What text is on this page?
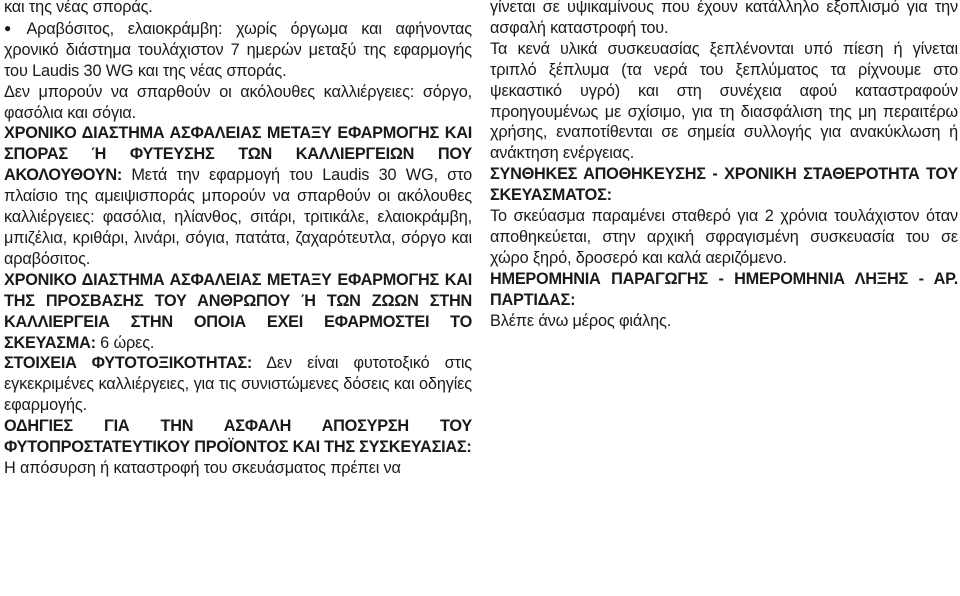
και της νέας σποράς.

● Αραβόσιτος, ελαιοκράμβη: χωρίς όργωμα και αφήνοντας χρονικό διάστημα τουλάχιστον 7 ημερών μεταξύ της εφαρμογής του Laudis 30 WG και της νέας σποράς.

Δεν μπορούν να σπαρθούν οι ακόλουθες καλλιέργειες: σόργο, φασόλια και σόγια.

ΧΡΟΝΙΚΟ ΔΙΑΣΤΗΜΑ ΑΣΦΑΛΕΙΑΣ ΜΕΤΑΞΥ ΕΦΑΡΜΟΓΗΣ ΚΑΙ ΣΠΟΡΑΣ Ή ΦΥΤΕΥΣΗΣ ΤΩΝ ΚΑΛΛΙΕΡΓΕΙΩΝ ΠΟΥ ΑΚΟΛΟΥΘΟΥΝ: Μετά την εφαρμογή του Laudis 30 WG, στο πλαίσιο της αμειψισποράς μπορούν να σπαρθούν οι ακόλουθες καλλιέργειες: φασόλια, ηλίανθος, σιτάρι, τριτικάλε, ελαιοκράμβη, μπιζέλια, κριθάρι, λινάρι, σόγια, πατάτα, ζαχαρότευτλα, σόργο και αραβόσιτος.

ΧΡΟΝΙΚΟ ΔΙΑΣΤΗΜΑ ΑΣΦΑΛΕΙΑΣ ΜΕΤΑΞΥ ΕΦΑΡΜΟΓΗΣ ΚΑΙ ΤΗΣ ΠΡΟΣΒΑΣΗΣ ΤΟΥ ΑΝΘΡΩΠΟΥ Ή ΤΩΝ ΖΩΩΝ ΣΤΗΝ ΚΑΛΛΙΕΡΓΕΙΑ ΣΤΗΝ ΟΠΟΙΑ ΕΧΕΙ ΕΦΑΡΜΟΣΤΕΙ ΤΟ ΣΚΕΥΑΣΜΑ: 6 ώρες.

ΣΤΟΙΧΕΙΑ ΦΥΤΟΤΟΞΙΚΟΤΗΤΑΣ: Δεν είναι φυτοτοξικό στις εγκεκριμένες καλλιέργειες, για τις συνιστώμενες δόσεις και οδηγίες εφαρμογής.

ΟΔΗΓΙΕΣ ΓΙΑ ΤΗΝ ΑΣΦΑΛΗ ΑΠΟΣΥΡΣΗ ΤΟΥ ΦΥΤΟΠΡΟΣΤΑΤΕΥΤΙΚΟΥ ΠΡΟΪΟΝΤΟΣ ΚΑΙ ΤΗΣ ΣΥΣΚΕΥΑΣΙΑΣ:

Η απόσυρση ή καταστροφή του σκευάσματος πρέπει να

γίνεται σε υψικαμίνους που έχουν κατάλληλο εξοπλισμό για την ασφαλή καταστροφή του.

Τα κενά υλικά συσκευασίας ξεπλένονται υπό πίεση ή γίνεται τριπλό ξέπλυμα (τα νερά του ξεπλύματος τα ρίχνουμε στο ψεκαστικό υγρό) και στη συνέχεια αφού καταστραφούν προηγουμένως με σχίσιμο, για τη διασφάλιση της μη περαιτέρω χρήσης, εναποτίθενται σε σημεία συλλογής για ανακύκλωση ή ανάκτηση ενέργειας.

ΣΥΝΘΗΚΕΣ ΑΠΟΘΗΚΕΥΣΗΣ - ΧΡΟΝΙΚΗ ΣΤΑΘΕΡΟΤΗΤΑ ΤΟΥ ΣΚΕΥΑΣΜΑΤΟΣ:

Το σκεύασμα παραμένει σταθερό για 2 χρόνια τουλάχιστον όταν αποθηκεύεται, στην αρχική σφραγισμένη συσκευασία του σε χώρο ξηρό, δροσερό και καλά αεριζόμενο.

ΗΜΕΡΟΜΗΝΙΑ ΠΑΡΑΓΩΓΗΣ - ΗΜΕΡΟΜΗΝΙΑ ΛΗΞΗΣ - ΑΡ. ΠΑΡΤΙΔΑΣ:

Βλέπε άνω μέρος φιάλης.
